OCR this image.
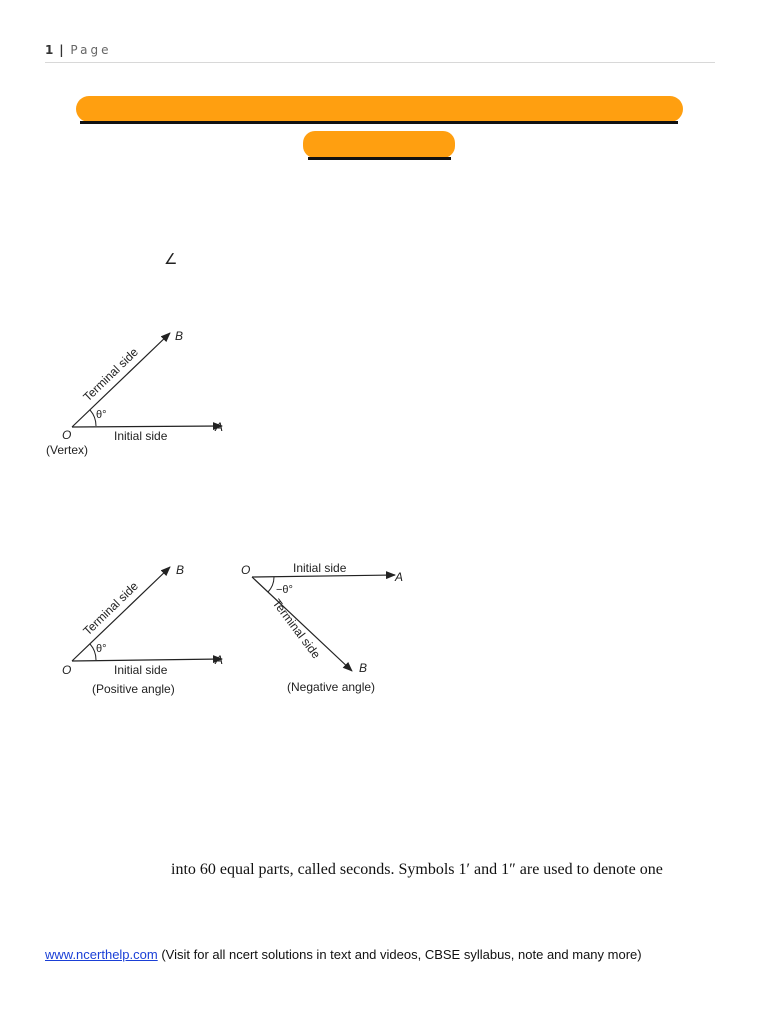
1 | Page
∠
θ°
Terminal side
Initial side
B
A
O
(Vertex)
θ°
Terminal side
Initial side
B
A
O
(Positive angle)
−θ°
Terminal side
Initial side
O	A
B
(Negative angle)
into 60 equal parts, called seconds. Symbols 1′ and 1″ are used to denote one
www.ncerthelp.com (Visit for all ncert solutions in text and videos, CBSE syllabus, note and many more)
